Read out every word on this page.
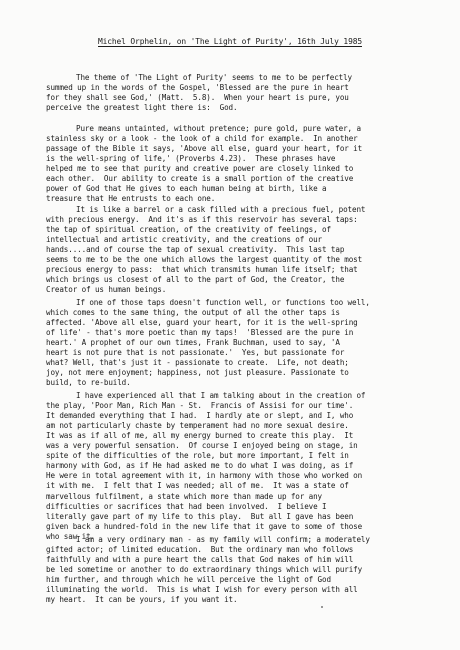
Michel Orphelin, on 'The Light of Purity', 16th July 1985
The theme of 'The Light of Purity' seems to me to be perfectly
summed up in the words of the Gospel, 'Blessed are the pure in heart
for they shall see God,' (Matt.  5.8).  When your heart is pure, you
perceive the greatest light there is:  God.
Pure means untainted, without pretence; pure gold, pure water, a
stainless sky or a look - the look of a child for example.  In another
passage of the Bible it says, 'Above all else, guard your heart, for it
is the well-spring of life,' (Proverbs 4.23).  These phrases have
helped me to see that purity and creative power are closely linked to
each other.  Our ability to create is a small portion of the creative
power of God that He gives to each human being at birth, like a
treasure that He entrusts to each one.
It is like a barrel or a cask filled with a precious fuel, potent
with precious energy.  And it's as if this reservoir has several taps:
the tap of spiritual creation, of the creativity of feelings, of
intellectual and artistic creativity, and the creations of our
hands....and of course the tap of sexual creativity.  This last tap
seems to me to be the one which allows the largest quantity of the most
precious energy to pass:  that which transmits human life itself; that
which brings us closest of all to the part of God, the Creator, the
Creator of us human beings.
If one of those taps doesn't function well, or functions too well,
which comes to the same thing, the output of all the other taps is
affected. 'Above all else, guard your heart, for it is the well-spring
of life' - that's more poetic than my taps!  'Blessed are the pure in
heart.' A prophet of our own times, Frank Buchman, used to say, 'A
heart is not pure that is not passionate.'  Yes, but passionate for
what? Well, that's just it - passionate to create.  Life, not death;
joy, not mere enjoyment; happiness, not just pleasure. Passionate to
build, to re-build.
I have experienced all that I am talking about in the creation of
the play, 'Poor Man, Rich Man - St.  Francis of Assisi for our time'.
It demanded everything that I had.  I hardly ate or slept, and I, who
am not particularly chaste by temperament had no more sexual desire.
It was as if all of me, all my energy burned to create this play.  It
was a very powerful sensation.  Of course I enjoyed being on stage, in
spite of the difficulties of the role, but more important, I felt in
harmony with God, as if He had asked me to do what I was doing, as if
He were in total agreement with it, in harmony with those who worked on
it with me.  I felt that I was needed; all of me.  It was a state of
marvellous fulfilment, a state which more than made up for any
difficulties or sacrifices that had been involved.  I believe I
literally gave part of my life to this play.  But all I gave has been
given back a hundred-fold in the new life that it gave to some of those
who saw it.
I am a very ordinary man - as my family will confirm; a moderately
gifted actor; of limited education.  But the ordinary man who follows
faithfully and with a pure heart the calls that God makes of him will
be led sometime or another to do extraordinary things which will purify
him further, and through which he will perceive the light of God
illuminating the world.  This is what I wish for every person with all
my heart.  It can be yours, if you want it.
